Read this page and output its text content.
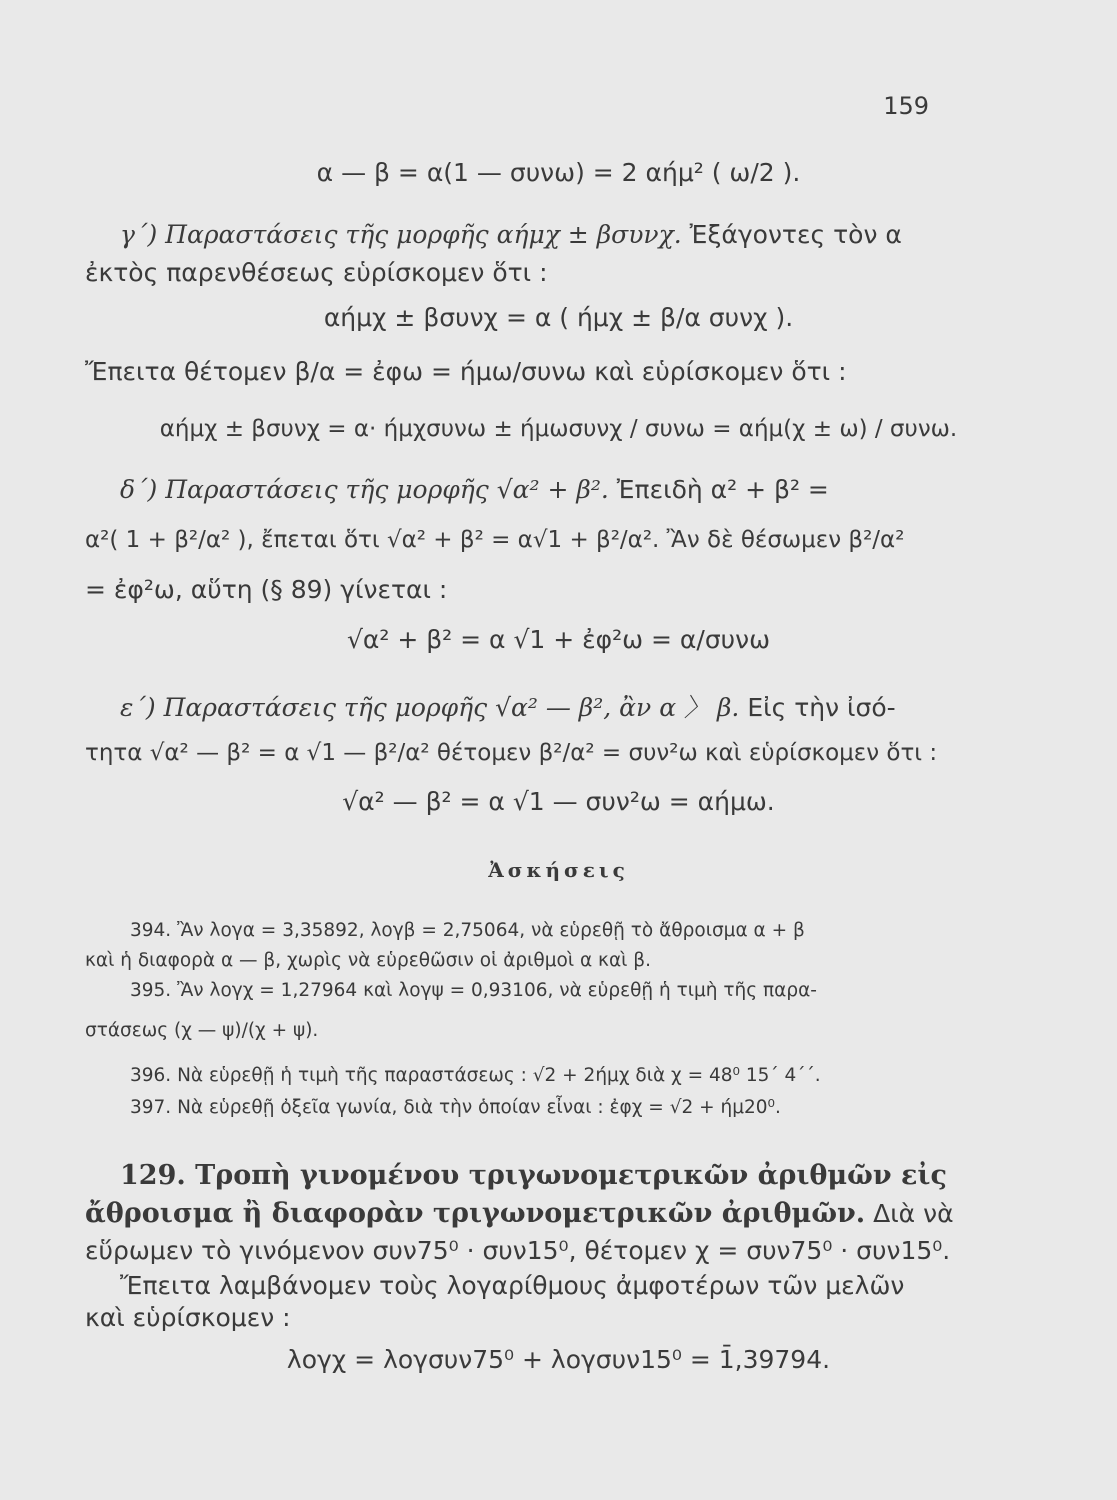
159
α — β = α(1 — συνω) = 2 αήμ² ( ω/2 ).
γ΄) Παραστάσεις τῆς μορφῆς αήμχ ± βσυνχ. Ἐξάγοντες τὸν α
ἐκτὸς παρενθέσεως εὑρίσκομεν ὅτι :
αήμχ ± βσυνχ = α ( ήμχ ± β/α συνχ ).
Ἔπειτα θέτομεν β/α = ἐφω = ήμω/συνω καὶ εὑρίσκομεν ὅτι :
αήμχ ± βσυνχ = α· ήμχσυνω ± ήμωσυνχ / συνω = αήμ(χ ± ω) / συνω.
δ΄) Παραστάσεις τῆς μορφῆς √α² + β². Ἐπειδὴ α² + β² =
α²( 1 + β²/α² ), ἔπεται ὅτι √α² + β² = α√1 + β²/α². Ἂν δὲ θέσωμεν β²/α²
= ἐφ²ω, αὕτη (§ 89) γίνεται :
√α² + β² = α √1 + ἐφ²ω = α/συνω
ε΄) Παραστάσεις τῆς μορφῆς √α² — β², ἂν α 〉 β. Εἰς τὴν ἰσό-
τητα √α² — β² = α √1 — β²/α² θέτομεν β²/α² = συν²ω καὶ εὑρίσκομεν ὅτι :
√α² — β² = α √1 — συν²ω = αήμω.
Ἀσκήσεις
394. Ἂν λογα = 3,35892, λογβ = 2,75064, νὰ εὑρεθῇ τὸ ἄθροισμα α + β
καὶ ἡ διαφορὰ α — β, χωρὶς νὰ εὑρεθῶσιν οἱ ἀριθμοὶ α καὶ β.
395. Ἂν λογχ = 1,27964 καὶ λογψ = 0,93106, νὰ εὑρεθῇ ἡ τιμὴ τῆς παρα-
στάσεως (χ — ψ)/(χ + ψ).
396. Νὰ εὑρεθῇ ἡ τιμὴ τῆς παραστάσεως : √2 + 2ήμχ διὰ χ = 48⁰ 15΄ 4΄΄.
397. Νὰ εὑρεθῇ ὀξεῖα γωνία, διὰ τὴν ὁποίαν εἶναι : ἐφχ = √2 + ήμ20⁰.
129. Τροπὴ γινομένου τριγωνομετρικῶν ἀριθμῶν εἰς
ἄθροισμα ἢ διαφορὰν τριγωνομετρικῶν ἀριθμῶν. Διὰ νὰ
εὕρωμεν τὸ γινόμενον συν75⁰ · συν15⁰, θέτομεν χ = συν75⁰ · συν15⁰.
Ἔπειτα λαμβάνομεν τοὺς λογαρίθμους ἀμφοτέρων τῶν μελῶν
καὶ εὑρίσκομεν :
λογχ = λογσυν75⁰ + λογσυν15⁰ = 1̄,39794.
